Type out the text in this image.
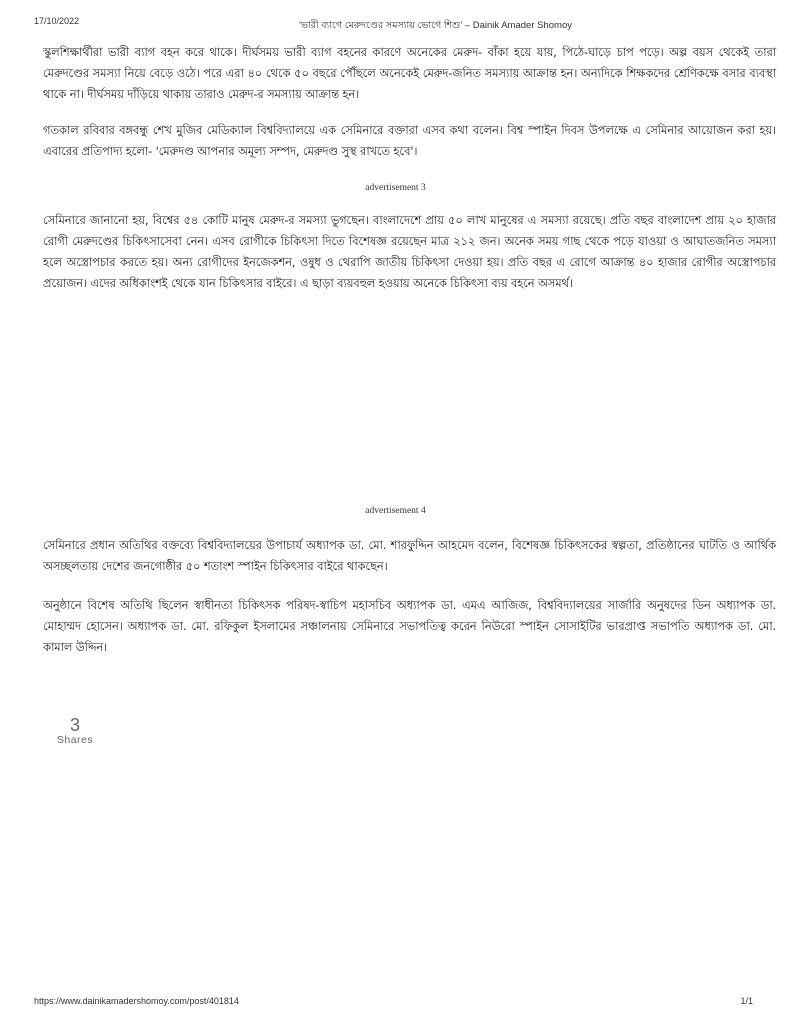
17/10/2022	'ভারী ব্যাগে মেরুদণ্ডের সমস্যায় ভোগে শিশু' – Dainik Amader Shomoy

স্কুলশিক্ষার্থীরা ভারী ব্যাগ বহন করে থাকে। দীর্ঘসময় ভারী ব্যাগ বহনের কারণে অনেকের মেরুদ- বাঁকা হয়ে যায়, পিঠে-ঘাড়ে চাপ পড়ে। অল্প বয়স থেকেই তারা মেরুদণ্ডের সমস্যা নিয়ে বেড়ে ওঠে। পরে এরা ৪০ থেকে ৫০ বছরে পৌঁছলে অনেকেই মেরুদ-জনিত সমস্যায় আক্রান্ত হন। অন্যদিকে শিক্ষকদের শ্রেণিকক্ষে বসার ব্যবস্থা থাকে না। দীর্ঘসময় দাঁড়িয়ে থাকায় তারাও মেরুদ-র সমস্যায় আক্রান্ত হন।

গতকাল রবিবার বঙ্গবন্ধু শেখ মুজিব মেডিক্যাল বিশ্ববিদ্যালয়ে এক সেমিনারে বক্তারা এসব কথা বলেন। বিশ্ব স্পাইন দিবস উপলক্ষে এ সেমিনার আয়োজন করা হয়। এবারের প্রতিপাদ্য হলো- 'মেরুদণ্ড আপনার অমূল্য সম্পদ, মেরুদণ্ড সুস্থ রাখতে হবে'।

advertisement 3

সেমিনারে জানানো হয়, বিশ্বের ৫৪ কোটি মানুষ মেরুদ-র সমস্যা ভুগছেন। বাংলাদেশে প্রায় ৫০ লাখ মানুষের এ সমস্যা রয়েছে। প্রতি বছর বাংলাদেশ প্রায় ২০ হাজার রোগী মেরুদণ্ডের চিকিৎসাসেবা নেন। এসব রোগীকে চিকিৎসা দিতে বিশেষজ্ঞ রয়েছেন মাত্র ২১২ জন। অনেক সময় গাছ থেকে পড়ে যাওয়া ও আঘাতজনিত সমস্যা হলে অস্ত্রোপচার করতে হয়। অন্য রোগীদের ইনজেকশন, ওষুধ ও থেরাপি জাতীয় চিকিৎসা দেওয়া হয়। প্রতি বছর এ রোগে আক্রান্ত ৪০ হাজার রোগীর অস্ত্রোপচার প্রয়োজন। এদের অধিকাংশই থেকে যান চিকিৎসার বাইরে। এ ছাড়া ব্যয়বহুল হওয়ায় অনেকে চিকিৎসা ব্যয় বহনে অসমর্থ।

advertisement 4

সেমিনারে প্রধান অতিথির বক্তব্যে বিশ্ববিদ্যালয়ের উপাচার্য অধ্যাপক ডা. মো. শারফুদ্দিন আহমেদ বলেন, বিশেষজ্ঞ চিকিৎসকের স্বল্পতা, প্রতিষ্ঠানের ঘাটতি ও আর্থিক অসচ্ছলতায় দেশের জনগোষ্ঠীর ৫০ শতাংশ স্পাইন চিকিৎসার বাইরে থাকছেন।

অনুষ্ঠানে বিশেষ অতিথি ছিলেন স্বাধীনতা চিকিৎসক পরিষদ-স্বাচিপ মহাসচিব অধ্যাপক ডা. এমএ আজিজ, বিশ্ববিদ্যালয়ের সার্জারি অনুষদের ডিন অধ্যাপক ডা. মোহাম্মদ হোসেন। অধ্যাপক ডা. মো. রফিকুল ইসলামের সঞ্চালনায় সেমিনারে সভাপতিত্ব করেন নিউরো স্পাইন সোসাইটির ভারপ্রাপ্ত সভাপতি অধ্যাপক ডা. মো. কামাল উদ্দিন।

3
Shares
https://www.dainikamadershomoy.com/post/401814	1/1
